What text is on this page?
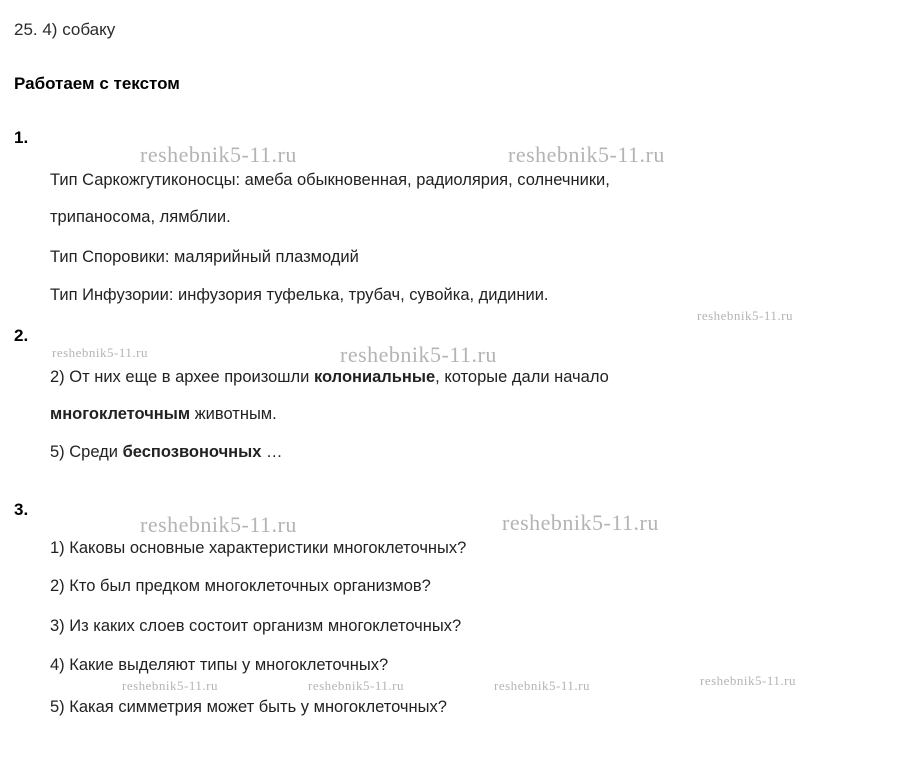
reshebnik5-11.ru	reshebnik5-11.ru
reshebnik5-11.ru
reshebnik5-11.ru	reshebnik5-11.ru
reshebnik5-11.ru	reshebnik5-11.ru
reshebnik5-11.ru	reshebnik5-11.ru	reshebnik5-11.ru	reshebnik5-11.ru
25. 4) собаку
Работаем с текстом
1.
Тип Саркожгутиконосцы: амеба обыкновенная, радиолярия, солнечники,
трипаносома, лямблии.
Тип Споровики: малярийный плазмодий
Тип Инфузории: инфузория туфелька, трубач, сувойка, дидинии.
2.
2) От них еще в архее произошли колониальные, которые дали начало
многоклеточным животным.
5) Среди беспозвоночных …
3.
1) Каковы основные характеристики многоклеточных?
2) Кто был предком многоклеточных организмов?
3) Из каких слоев состоит организм многоклеточных?
4) Какие выделяют типы у многоклеточных?
5) Какая симметрия может быть у многоклеточных?
